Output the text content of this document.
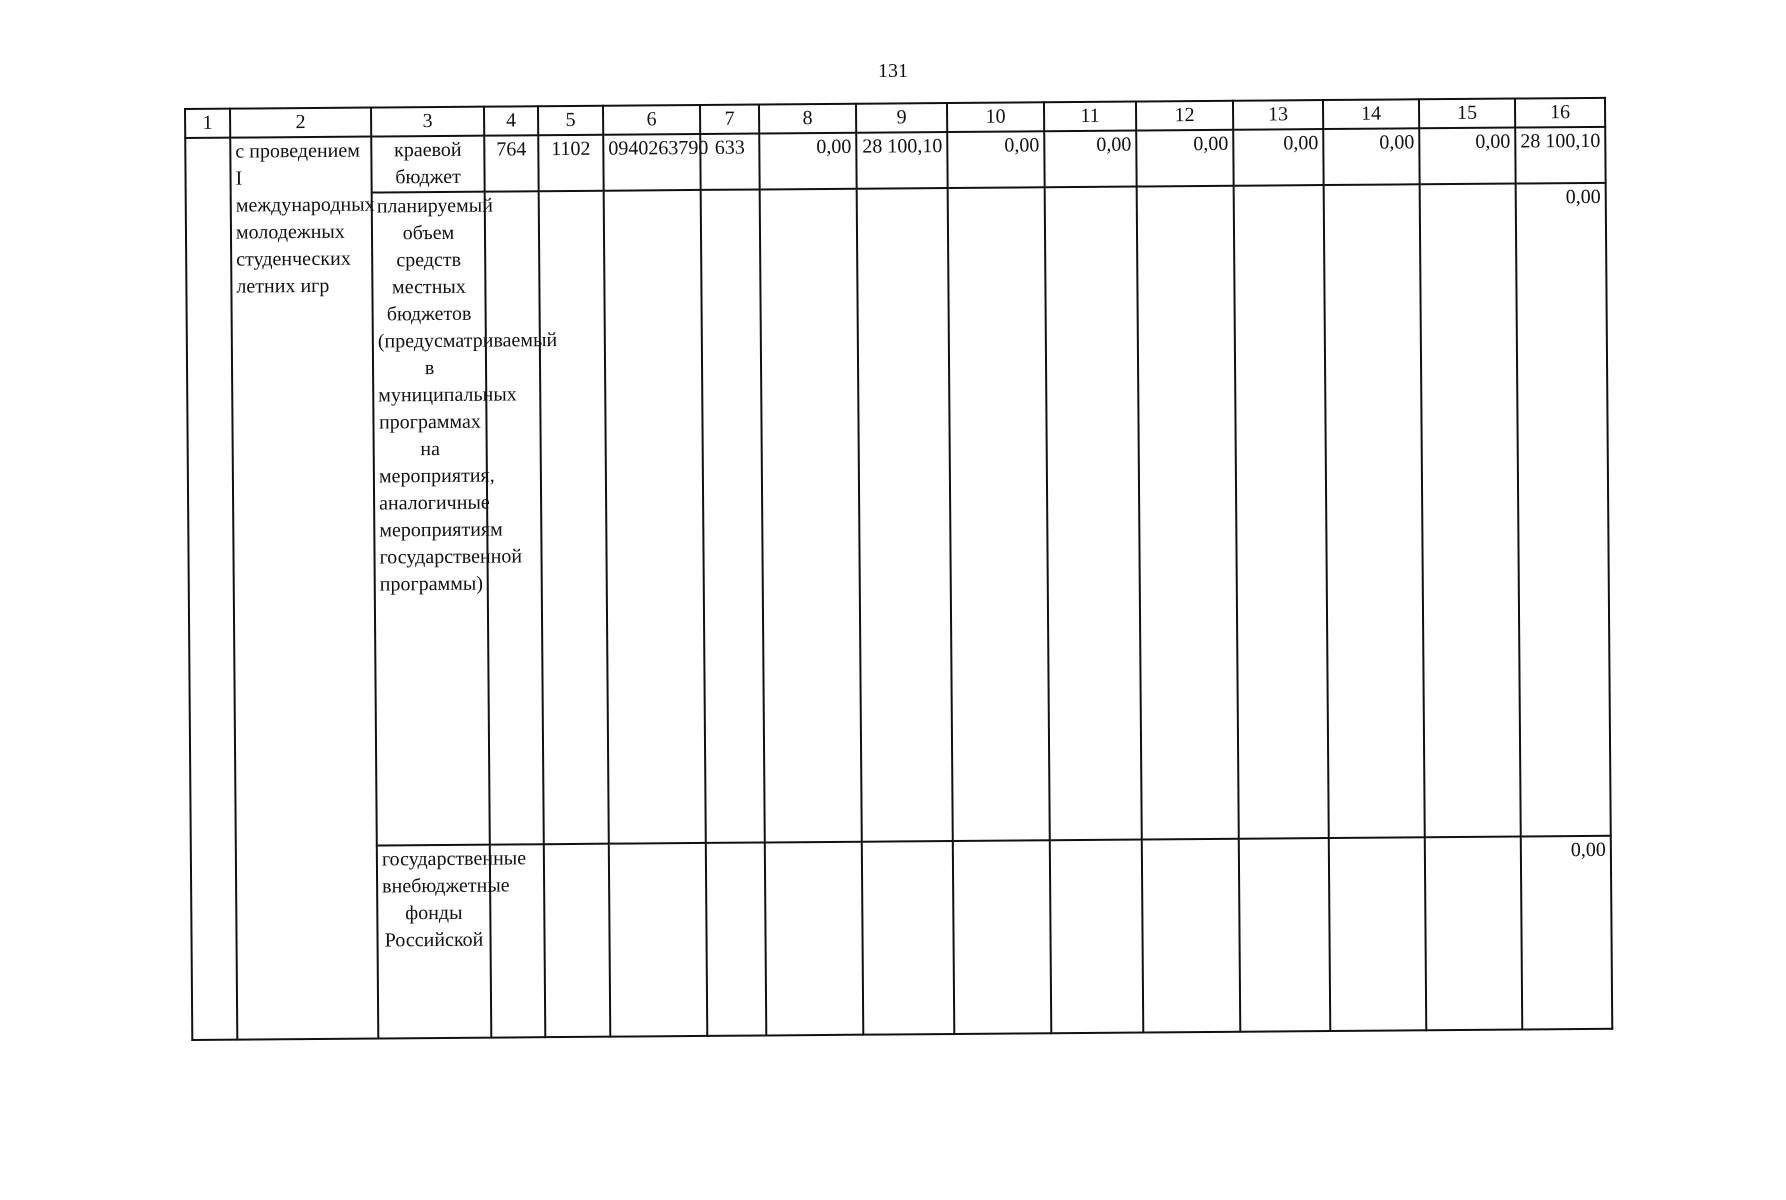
131
1	2	3	4	5	6	7	8	9	10	11	12	13	14	15	16
	с проведением I международных молодежных студенческих летних игр	краевой бюджет	764	1102	0940263790	633	0,00	28 100,10	0,00	0,00	0,00	0,00	0,00	0,00	28 100,10
		планируемый объем средств местных бюджетов (предусматриваемый в муниципальных программах на мероприятия, аналогичные мероприятиям государственной программы)													0,00
		государственные внебюджетные фонды Российской													0,00
